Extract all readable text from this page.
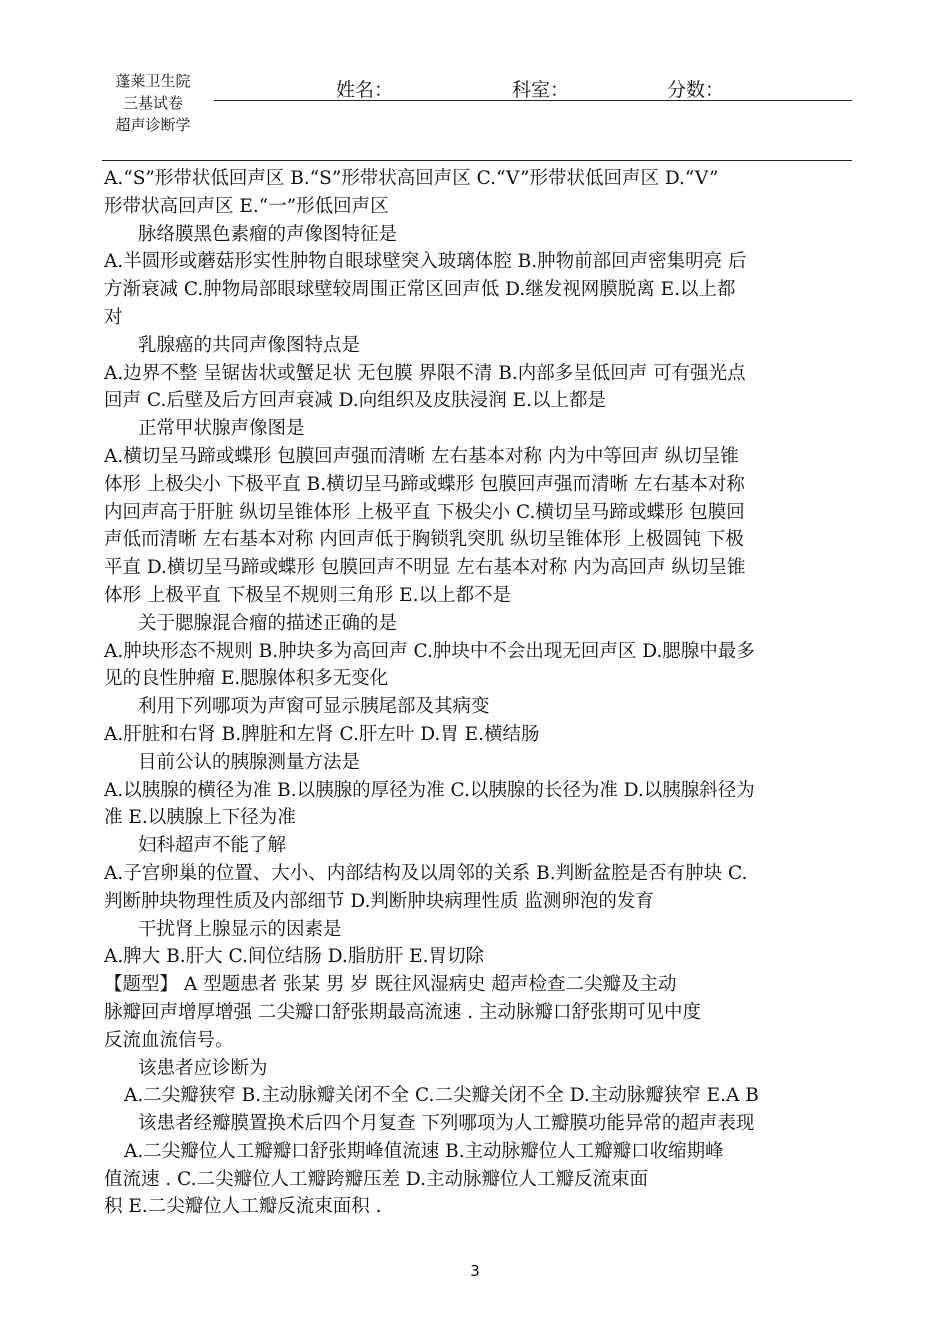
蓬莱卫生院
三基试卷
超声诊断学
姓名：	科室：	分数：

A.“S”形带状低回声区 B.“S”形带状高回声区 C.“V”形带状低回声区 D.“V”

形带状高回声区 E.“一”形低回声区

脉络膜黑色素瘤的声像图特征是

A.半圆形或蘑菇形实性肿物自眼球壁突入玻璃体腔 B.肿物前部回声密集明亮 后

方渐衰减 C.肿物局部眼球壁较周围正常区回声低 D.继发视网膜脱离 E.以上都

对

乳腺癌的共同声像图特点是

A.边界不整 呈锯齿状或蟹足状 无包膜 界限不清 B.内部多呈低回声 可有强光点

回声 C.后壁及后方回声衰减 D.向组织及皮肤浸润 E.以上都是

正常甲状腺声像图是

A.横切呈马蹄或蝶形 包膜回声强而清晰 左右基本对称 内为中等回声 纵切呈锥

体形 上极尖小 下极平直 B.横切呈马蹄或蝶形 包膜回声强而清晰 左右基本对称

内回声高于肝脏 纵切呈锥体形 上极平直 下极尖小 C.横切呈马蹄或蝶形 包膜回

声低而清晰 左右基本对称 内回声低于胸锁乳突肌 纵切呈锥体形 上极圆钝 下极

平直 D.横切呈马蹄或蝶形 包膜回声不明显 左右基本对称 内为高回声 纵切呈锥

体形 上极平直 下极呈不规则三角形 E.以上都不是

关于腮腺混合瘤的描述正确的是

A.肿块形态不规则 B.肿块多为高回声 C.肿块中不会出现无回声区 D.腮腺中最多

见的良性肿瘤 E.腮腺体积多无变化

利用下列哪项为声窗可显示胰尾部及其病变

A.肝脏和右肾 B.脾脏和左肾 C.肝左叶 D.胃 E.横结肠

目前公认的胰腺测量方法是

A.以胰腺的横径为准 B.以胰腺的厚径为准 C.以胰腺的长径为准 D.以胰腺斜径为

准 E.以胰腺上下径为准

妇科超声不能了解

A.子宫卵巢的位置、大小、内部结构及以周邻的关系 B.判断盆腔是否有肿块 C.

判断肿块物理性质及内部细节 D.判断肿块病理性质 监测卵泡的发育

干扰肾上腺显示的因素是

A.脾大 B.肝大 C.间位结肠 D.脂肪肝 E.胃切除

【题型】 A 型题患者 张某 男 岁 既往风湿病史 超声检查二尖瓣及主动

脉瓣回声增厚增强 二尖瓣口舒张期最高流速 . 主动脉瓣口舒张期可见中度

反流血流信号。

该患者应诊断为

A.二尖瓣狭窄 B.主动脉瓣关闭不全 C.二尖瓣关闭不全 D.主动脉瓣狭窄 E.A B

该患者经瓣膜置换术后四个月复查 下列哪项为人工瓣膜功能异常的超声表现

A.二尖瓣位人工瓣瓣口舒张期峰值流速 B.主动脉瓣位人工瓣瓣口收缩期峰

值流速 . C.二尖瓣位人工瓣跨瓣压差 D.主动脉瓣位人工瓣反流束面

积 E.二尖瓣位人工瓣反流束面积 .

3
